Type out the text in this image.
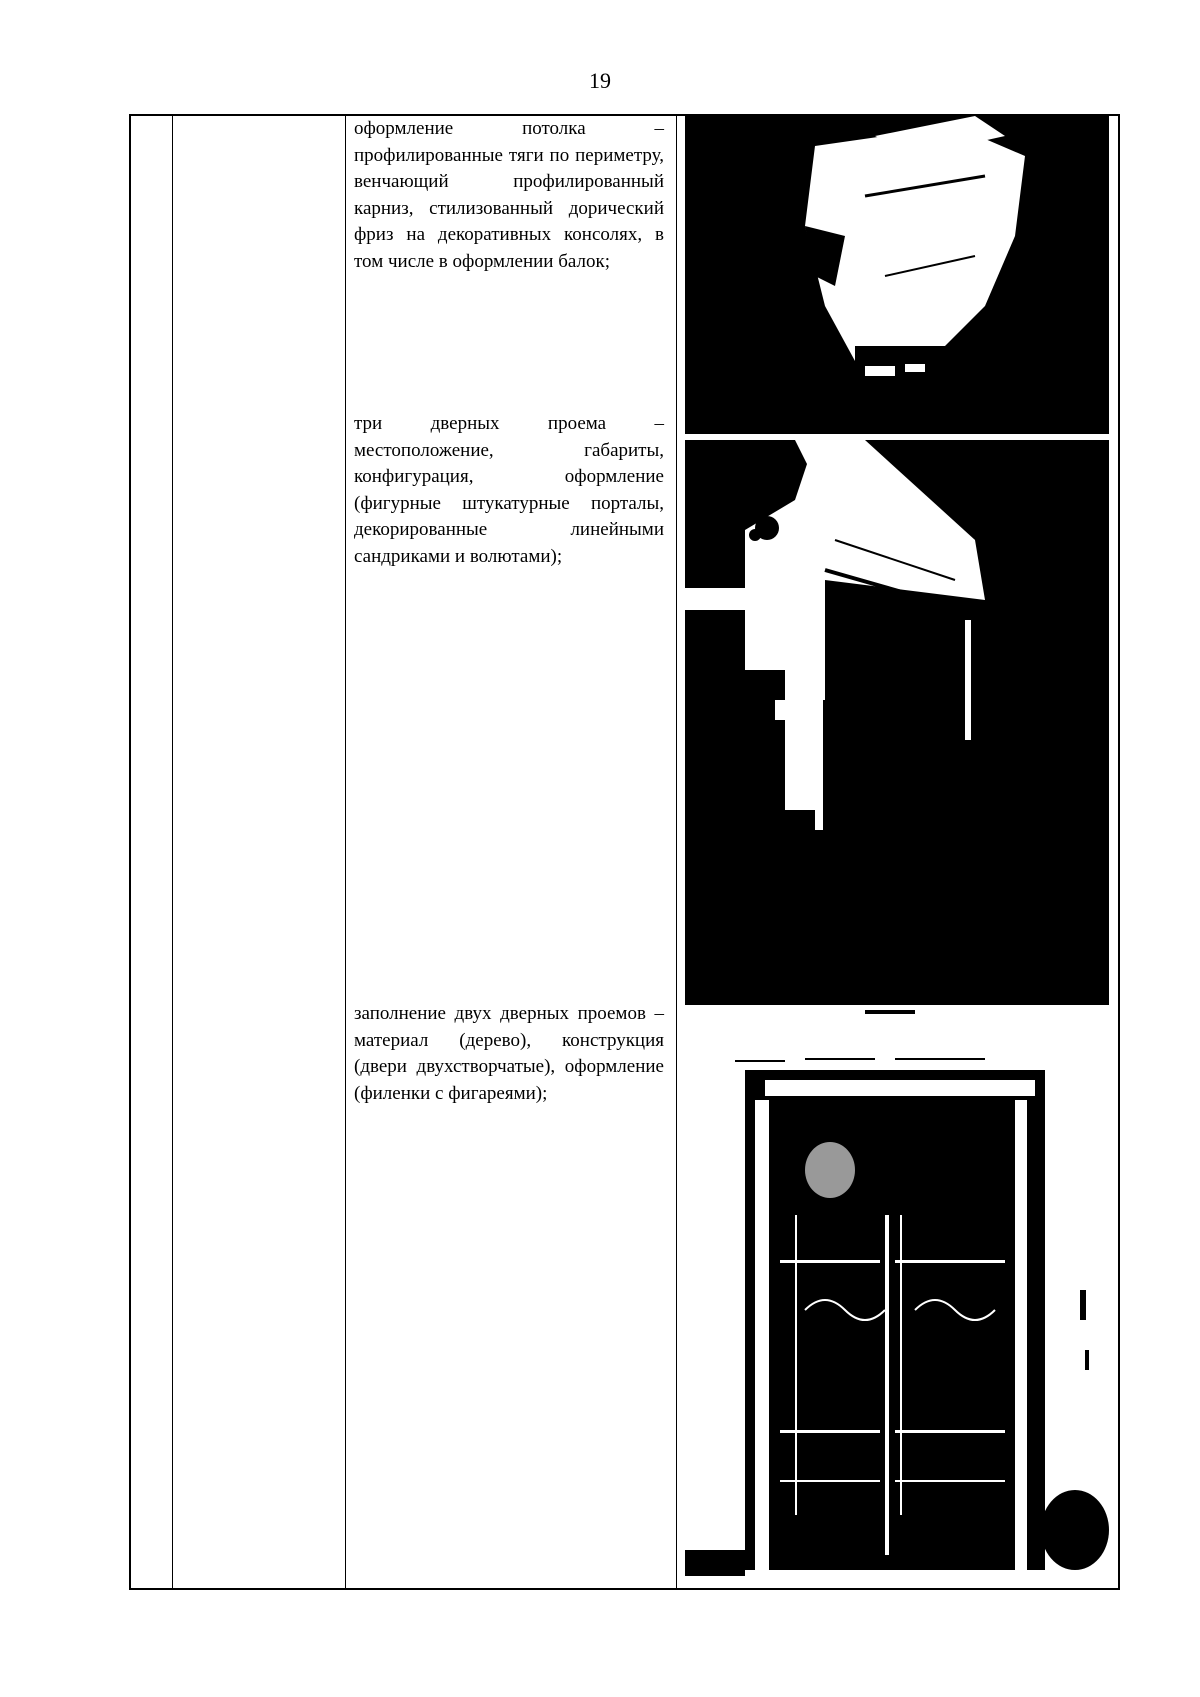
19
оформление потолка – профилированные тяги по периметру, венчающий профилированный карниз, стилизованный дорический фриз на декоративных консолях, в том числе в оформлении балок;
три дверных проема – местоположение, габариты, конфигурация, оформление (фигурные штукатурные порталы, декорированные линейными сандриками и волютами);
заполнение двух дверных проемов – материал (дерево), конструкция (двери двухстворчатые), оформление (филенки с фигареями);
